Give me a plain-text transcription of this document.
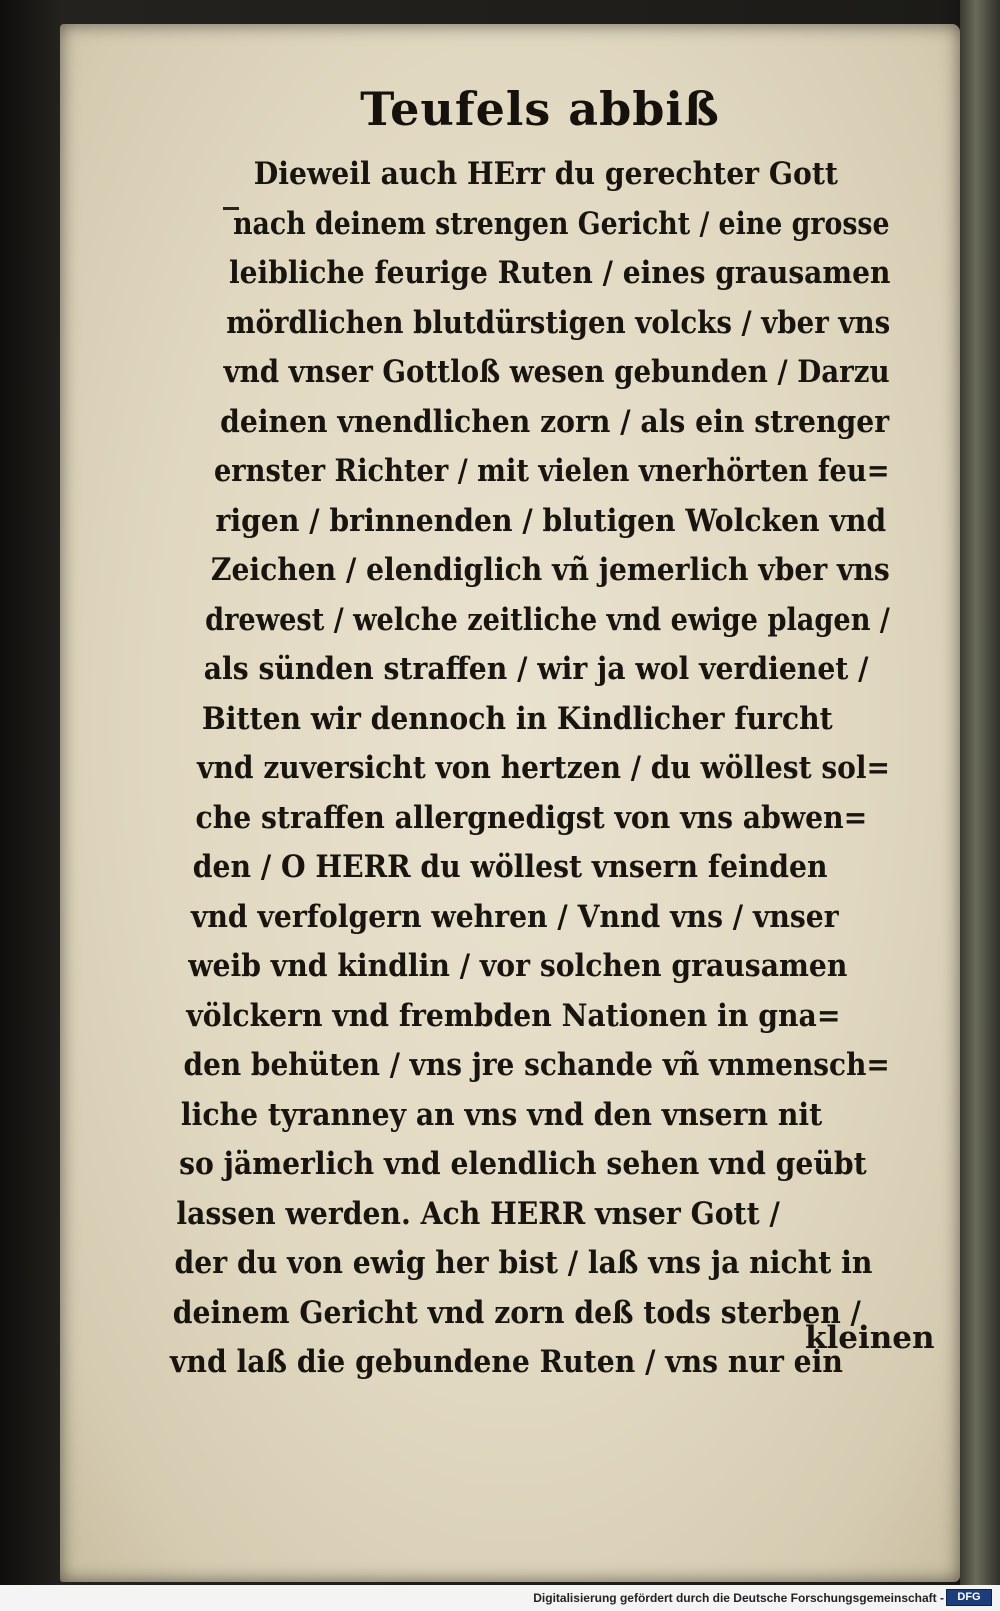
Teufels abbiß
Dieweil auch HErr du gerechter Gott
nach deinem strengen Gericht / eine grosse
leibliche feurige Ruten / eines grausamen
mördlichen blutdürstigen volcks / vber vns
vnd vnser Gottloß wesen gebunden / Darzu
deinen vnendlichen zorn / als ein strenger
ernster Richter / mit vielen vnerhörten feu=
rigen / brinnenden / blutigen Wolcken vnd
Zeichen / elendiglich vñ jemerlich vber vns
drewest / welche zeitliche vnd ewige plagen /
als sünden straffen / wir ja wol verdienet /
Bitten wir dennoch in Kindlicher furcht
vnd zuversicht von hertzen / du wöllest sol=
che straffen allergnedigst von vns abwen=
den / O HERR du wöllest vnsern feinden
vnd verfolgern wehren / Vnnd vns / vnser
weib vnd kindlin / vor solchen grausamen
völckern vnd frembden Nationen in gna=
den behüten / vns jre schande vñ vnmensch=
liche tyranney an vns vnd den vnsern nit
so jämerlich vnd elendlich sehen vnd geübt
lassen werden. Ach HERR vnser Gott /
der du von ewig her bist / laß vns ja nicht in
deinem Gericht vnd zorn deß tods sterben /
vnd laß die gebundene Ruten / vns nur ein
kleinen
Digitalisierung gefördert durch die Deutsche Forschungsgemeinschaft -	DFG
